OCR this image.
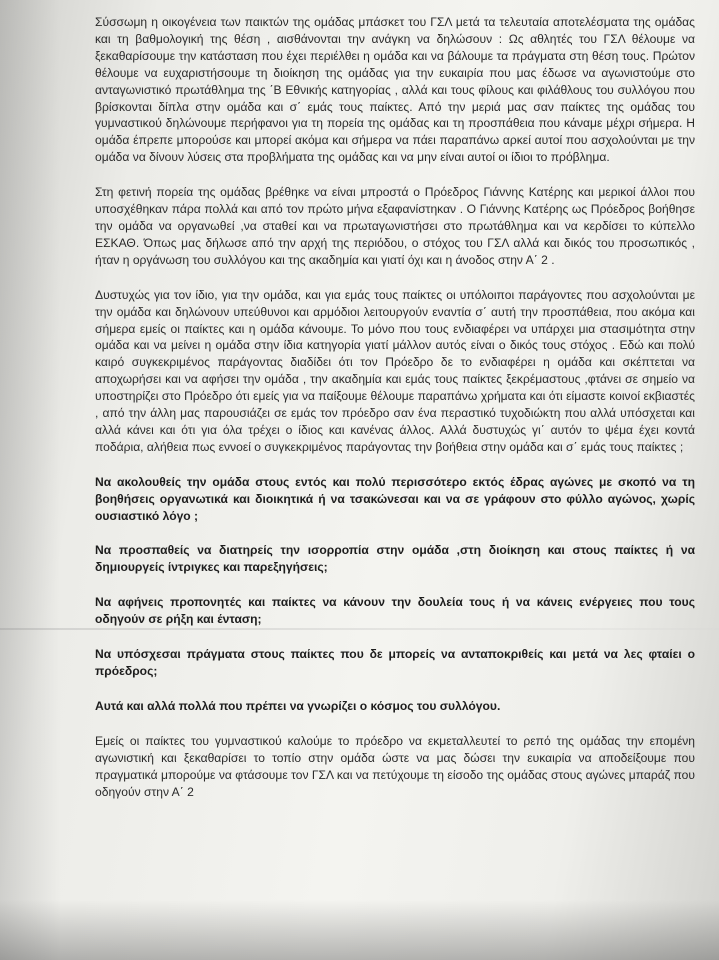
Σύσσωμη η οικογένεια των παικτών της ομάδας μπάσκετ του ΓΣΛ μετά τα τελευταία αποτελέσματα της ομάδας και τη βαθμολογική της θέση , αισθάνονται την ανάγκη να δηλώσουν : Ως αθλητές του ΓΣΛ θέλουμε να ξεκαθαρίσουμε την κατάσταση που έχει περιέλθει η ομάδα και να βάλουμε τα πράγματα στη θέση τους. Πρώτον θέλουμε να ευχαριστήσουμε τη διοίκηση της ομάδας για την ευκαιρία που μας έδωσε να αγωνιστούμε στο ανταγωνιστικό πρωτάθλημα της ΄Β Εθνικής κατηγορίας , αλλά και τους φίλους και φιλάθλους του συλλόγου που βρίσκονται δίπλα στην ομάδα και σ΄ εμάς τους παίκτες. Από την μεριά μας σαν παίκτες της ομάδας του γυμναστικού δηλώνουμε περήφανοι για τη πορεία της ομάδας και τη προσπάθεια που κάναμε μέχρι σήμερα. Η ομάδα έπρεπε μπορούσε και μπορεί ακόμα και σήμερα να πάει παραπάνω αρκεί αυτοί που ασχολούνται με την ομάδα να δίνουν λύσεις στα προβλήματα της ομάδας και να μην είναι αυτοί οι ίδιοι το πρόβλημα.

Στη φετινή πορεία της ομάδας βρέθηκε να είναι μπροστά ο Πρόεδρος Γιάννης Κατέρης και μερικοί άλλοι που υποσχέθηκαν πάρα πολλά και από τον πρώτο μήνα εξαφανίστηκαν . Ο Γιάννης Κατέρης ως Πρόεδρος βοήθησε την ομάδα να οργανωθεί ,να σταθεί και να πρωταγωνιστήσει στο πρωτάθλημα και να κερδίσει το κύπελλο ΕΣΚΑΘ. Όπως μας δήλωσε από την αρχή της περιόδου, ο στόχος του ΓΣΛ αλλά και δικός του προσωπικός , ήταν η οργάνωση του συλλόγου και της ακαδημία και γιατί όχι και η άνοδος στην Α΄ 2 .

Δυστυχώς για τον ίδιο, για την ομάδα, και για εμάς τους παίκτες οι υπόλοιποι παράγοντες που ασχολούνται με την ομάδα και δηλώνουν υπεύθυνοι και αρμόδιοι λειτουργούν εναντία σ΄ αυτή την προσπάθεια, που ακόμα και σήμερα εμείς οι παίκτες και η ομάδα κάνουμε. Το μόνο που τους ενδιαφέρει να υπάρχει μια στασιμότητα στην ομάδα και να μείνει η ομάδα στην ίδια κατηγορία γιατί μάλλον αυτός είναι ο δικός τους στόχος . Εδώ και πολύ καιρό συγκεκριμένος παράγοντας διαδίδει ότι τον Πρόεδρο δε το ενδιαφέρει η ομάδα και σκέπτεται να αποχωρήσει και να αφήσει την ομάδα , την ακαδημία και εμάς τους παίκτες ξεκρέμαστους ,φτάνει σε σημείο να υποστηρίζει στο Πρόεδρο ότι εμείς για να παίξουμε θέλουμε παραπάνω χρήματα και ότι είμαστε κοινοί εκβιαστές , από την άλλη μας παρουσιάζει σε εμάς τον πρόεδρο σαν ένα περαστικό τυχοδιώκτη που αλλά υπόσχεται και αλλά κάνει και ότι για όλα τρέχει ο ίδιος και κανένας άλλος. Αλλά δυστυχώς γι΄ αυτόν το ψέμα έχει κοντά ποδάρια, αλήθεια πως εννοεί ο συγκεκριμένος παράγοντας την βοήθεια στην ομάδα και σ΄ εμάς τους παίκτες ;

Να ακολουθείς την ομάδα στους εντός και πολύ περισσότερο εκτός έδρας αγώνες με σκοπό να τη βοηθήσεις οργανωτικά και διοικητικά ή να τσακώνεσαι και να σε γράφουν στο φύλλο αγώνος, χωρίς ουσιαστικό λόγο ;

Να προσπαθείς να διατηρείς την ισορροπία στην ομάδα ,στη διοίκηση και στους παίκτες ή να δημιουργείς ίντριγκες και παρεξηγήσεις;

Να αφήνεις προπονητές και παίκτες να κάνουν την δουλεία τους ή να κάνεις ενέργειες που τους οδηγούν σε ρήξη και ένταση;

Να υπόσχεσαι πράγματα στους παίκτες που δε μπορείς να ανταποκριθείς και μετά να λες φταίει ο πρόεδρος;

Αυτά και αλλά πολλά που πρέπει να γνωρίζει ο κόσμος του συλλόγου.

Εμείς οι παίκτες του γυμναστικού καλούμε το πρόεδρο να εκμεταλλευτεί το ρεπό της ομάδας την επομένη αγωνιστική και ξεκαθαρίσει το τοπίο στην ομάδα ώστε να μας δώσει την ευκαιρία να αποδείξουμε που πραγματικά μπορούμε να φτάσουμε τον ΓΣΛ και να πετύχουμε τη είσοδο της ομάδας στους αγώνες μπαράζ που οδηγούν στην Α΄ 2
